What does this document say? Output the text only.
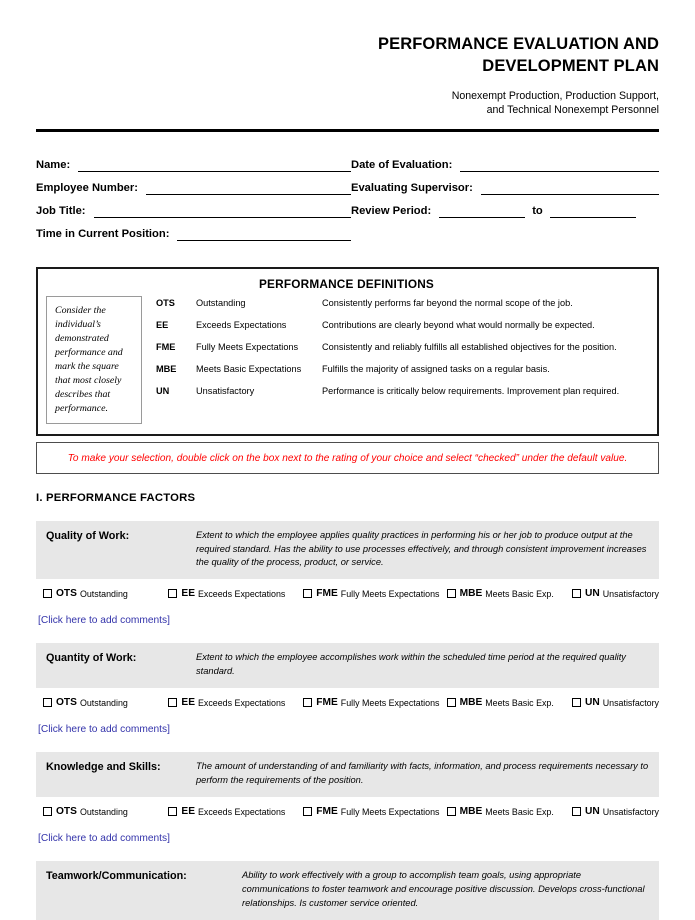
PERFORMANCE EVALUATION AND
DEVELOPMENT PLAN
Nonexempt Production, Production Support,
and Technical Nonexempt Personnel
Name:
Employee Number:
Job Title:
Time in Current Position:
Date of Evaluation:
Evaluating Supervisor:
Review Period:	to
PERFORMANCE DEFINITIONS
Consider the individual’s demonstrated performance and mark the square that most closely describes that performance.
OTS	Outstanding	Consistently performs far beyond the normal scope of the job.
EE	Exceeds Expectations	Contributions are clearly beyond what would normally be expected.
FME	Fully Meets Expectations	Consistently and reliably fulfills all established objectives for the position.
MBE	Meets Basic Expectations	Fulfills the majority of assigned tasks on a regular basis.
UN	Unsatisfactory	Performance is critically below requirements. Improvement plan required.
To make your selection, double click on the box next to the rating of your choice and select “checked” under the default value.
I. PERFORMANCE FACTORS
Quality of Work:	Extent to which the employee applies quality practices in performing his or her job to produce output at the required standard. Has the ability to use processes effectively, and through consistent improvement increases the quality of the process, product, or service.
OTS Outstanding	EE Exceeds Expectations	FME Fully Meets Expectations MBE Meets Basic Exp.	UN Unsatisfactory
[Click here to add comments]
Quantity of Work:	Extent to which the employee accomplishes work within the scheduled time period at the required quality standard.
OTS Outstanding	EE Exceeds Expectations	FME Fully Meets Expectations MBE Meets Basic Exp.	UN Unsatisfactory
[Click here to add comments]
Knowledge and Skills:	The amount of understanding of and familiarity with facts, information, and process requirements necessary to perform the requirements of the position.
OTS Outstanding	EE Exceeds Expectations	FME Fully Meets Expectations MBE Meets Basic Exp.	UN Unsatisfactory
[Click here to add comments]
Teamwork/Communication:	Ability to work effectively with a group to accomplish team goals, using appropriate communications to foster teamwork and encourage positive discussion. Develops cross-functional relationships. Is customer service oriented.
